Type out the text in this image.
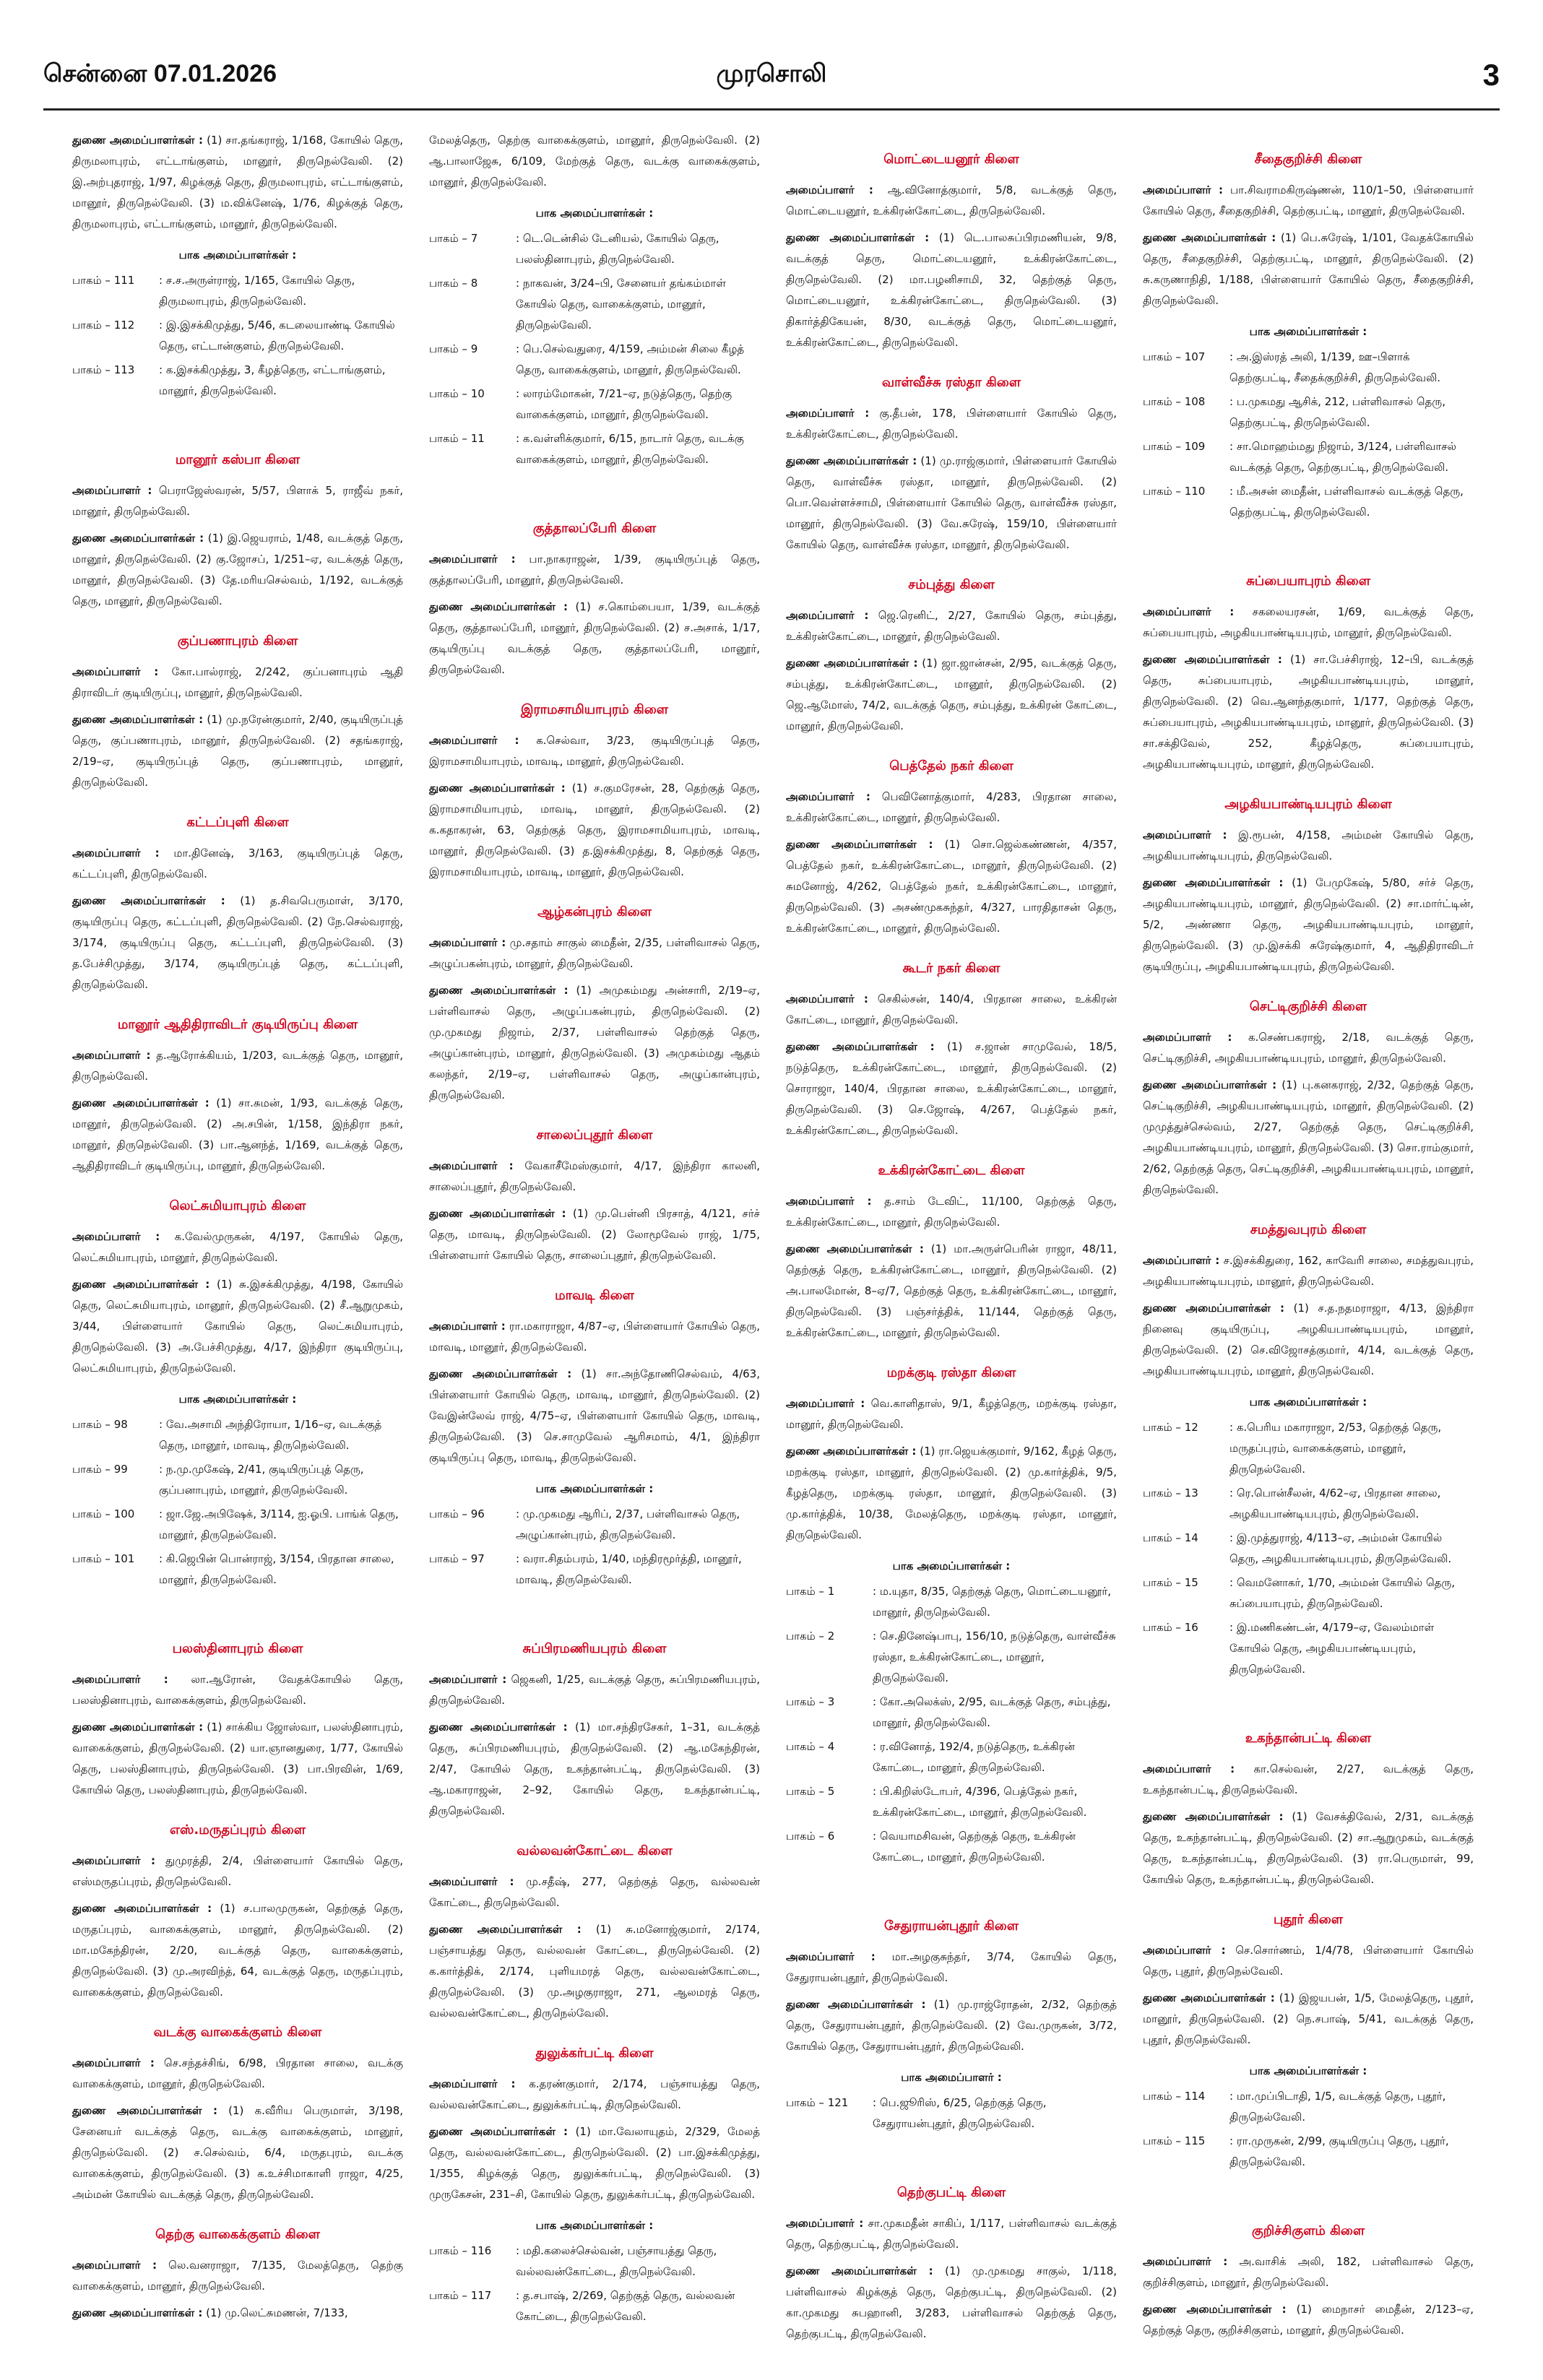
சென்னை 07.01.2026	முரசொலி	3

துணை அமைப்பாளர்கள் : (1) சா.தங்கராஜ், 1/168, கோயில் தெரு, திருமலாபுரம், எட்டாங்குளம், மானூர், திருநெல்வேலி. (2) இ.அற்புதராஜ், 1/97, கிழக்குத் தெரு, திருமலாபுரம், எட்டாங்குளம், மானூர், திருநெல்வேலி. (3) ம.விக்னேஷ், 1/76, கிழக்குத் தெரு, திருமலாபுரம், எட்டாங்குளம், மானூர், திருநெல்வேலி.

பாக அமைப்பாளர்கள் :
பாகம் – 111	: ச.ச.அருள்ராஜ், 1/165, கோயில் தெரு, திருமலாபுரம், திருநெல்வேலி.
பாகம் – 112	: இ.இசக்கிமுத்து, 5/46, கடலையாண்டி கோயில் தெரு, எட்டான்குளம், திருநெல்வேலி.
பாகம் – 113	: க.இசக்கிமுத்து, 3, கீழத்தெரு, எட்டாங்குளம், மானூர், திருநெல்வேலி.
மானூர் கஸ்பா கிளை

அமைப்பாளர் : பெராஜேஸ்வரன், 5/57, பிளாக் 5, ராஜீவ் நகர், மானூர், திருநெல்வேலி.

துணை அமைப்பாளர்கள் : (1) இ.ஜெயராம், 1/48, வடக்குத் தெரு, மானூர், திருநெல்வேலி. (2) கு.ஜோசப், 1/251–ஏ, வடக்குத் தெரு, மானூர், திருநெல்வேலி. (3) தே.மரியசெல்வம், 1/192, வடக்குத் தெரு, மானூர், திருநெல்வேலி.

குப்பணாபுரம் கிளை

அமைப்பாளர் : கோ.பால்ராஜ், 2/242, குப்பனாபுரம் ஆதி திராவிடர் குடியிருப்பு, மானூர், திருநெல்வேலி.

துணை அமைப்பாளர்கள் : (1) மு.நரேன்குமார், 2/40, குடியிருப்புத் தெரு, குப்பணாபுரம், மானூர், திருநெல்வேலி. (2) சதங்கராஜ், 2/19–ஏ, குடியிருப்புத் தெரு, குப்பணாபுரம், மானூர், திருநெல்வேலி.

கட்டப்புளி கிளை

அமைப்பாளர் : மா.தினேஷ், 3/163, குடியிருப்புத் தெரு, கட்டப்புளி, திருநெல்வேலி.

துணை அமைப்பாளர்கள் : (1) த.சிவபெருமாள், 3/170, குடியிருப்பு தெரு, கட்டப்புளி, திருநெல்வேலி. (2) நே.செல்வராஜ், 3/174, குடியிருப்பு தெரு, கட்டப்புளி, திருநெல்வேலி. (3) த.பேச்சிமுத்து, 3/174, குடியிருப்புத் தெரு, கட்டப்புளி, திருநெல்வேலி.

மானூர் ஆதிதிராவிடர் குடியிருப்பு கிளை

அமைப்பாளர் : த.ஆரோக்கியம், 1/203, வடக்குத் தெரு, மானூர், திருநெல்வேலி.

துணை அமைப்பாளர்கள் : (1) சா.சுமன், 1/93, வடக்குத் தெரு, மானூர், திருநெல்வேலி. (2) அ.சபின், 1/158, இந்திரா நகர், மானூர், திருநெல்வேலி. (3) பா.ஆனந்த், 1/169, வடக்குத் தெரு, ஆதிதிராவிடர் குடியிருப்பு, மானூர், திருநெல்வேலி.

லெட்சுமியாபுரம் கிளை

அமைப்பாளர் : க.வேல்முருகன், 4/197, கோயில் தெரு, லெட்சுமியாபுரம், மானூர், திருநெல்வேலி.

துணை அமைப்பாளர்கள் : (1) சு.இசக்கிமுத்து, 4/198, கோயில் தெரு, லெட்சுமியாபுரம், மானூர், திருநெல்வேலி. (2) சீ.ஆறுமுகம், 3/44, பிள்ளையார் கோயில் தெரு, லெட்சுமியாபுரம், திருநெல்வேலி. (3) அ.பேச்சிமுத்து, 4/17, இந்திரா குடியிருப்பு, லெட்சுமியாபுரம், திருநெல்வேலி.

பாக அமைப்பாளர்கள் :
பாகம் – 98	: வே.அசாமி அந்திரோயா, 1/16–ஏ, வடக்குத் தெரு, மானூர், மாவடி, திருநெல்வேலி.
பாகம் – 99	: ந.மு.முகேஷ், 2/41, குடியிருப்புத் தெரு, குப்பனாபுரம், மானூர், திருநெல்வேலி.
பாகம் – 100	: ஜா.ஜே.அபிஷேக், 3/114, ஐ.ஓபி. பாங்க் தெரு, மானூர், திருநெல்வேலி.
பாகம் – 101	: கி.ஜெபின் பொன்ராஜ், 3/154, பிரதான சாலை, மானூர், திருநெல்வேலி.
பலஸ்தினாபுரம் கிளை

அமைப்பாளர் : லா.ஆரோன், வேதக்கோயில் தெரு, பலஸ்தினாபுரம், வாகைக்குளம், திருநெல்வேலி.

துணை அமைப்பாளர்கள் : (1) சாக்கிய ஜோஸ்வா, பலஸ்தினாபுரம், வாகைக்குளம், திருநெல்வேலி. (2) யா.ஞானதுரை, 1/77, கோயில் தெரு, பலஸ்தினாபுரம், திருநெல்வேலி. (3) பா.பிரவின், 1/69, கோயில் தெரு, பலஸ்தினாபுரம், திருநெல்வேலி.

எஸ்.மருதப்புரம் கிளை

அமைப்பாளர் : துமுரத்தி, 2/4, பிள்ளையார் கோயில் தெரு, எஸ்மருதப்புரம், திருநெல்வேலி.

துணை அமைப்பாளர்கள் : (1) ச.பாலமுருகன், தெற்குத் தெரு, மருதப்புரம், வாகைக்குளம், மானூர், திருநெல்வேலி. (2) மா.மகேந்திரன், 2/20, வடக்குத் தெரு, வாகைக்குளம், திருநெல்வேலி. (3) மு.அரவிந்த், 64, வடக்குத் தெரு, மருதப்புரம், வாகைக்குளம், திருநெல்வேலி.

வடக்கு வாகைக்குளம் கிளை

அமைப்பாளர் : செ.சந்தச்சிங், 6/98, பிரதான சாலை, வடக்கு வாகைக்குளம், மானூர், திருநெல்வேலி.

துணை அமைப்பாளர்கள் : (1) க.வீரிய பெருமாள், 3/198, சேனையர் வடக்குத் தெரு, வடக்கு வாகைக்குளம், மானூர், திருநெல்வேலி. (2) ச.செல்வம், 6/4, மருதபுரம், வடக்கு வாகைக்குளம், திருநெல்வேலி. (3) க.உச்சிமாகாளி ராஜா, 4/25, அம்மன் கோயில் வடக்குத் தெரு, திருநெல்வேலி.

தெற்கு வாகைக்குளம் கிளை

அமைப்பாளர் : லெ.வனராஜா, 7/135, மேலத்தெரு, தெற்கு வாகைக்குளம், மானூர், திருநெல்வேலி.

துணை அமைப்பாளர்கள் : (1) மு.லெட்சுமணன், 7/133,

மேலத்தெரு, தெற்கு வாகைக்குளம், மானூர், திருநெல்வேலி. (2) ஆ.பாலாஜேசு, 6/109, மேற்குத் தெரு, வடக்கு வாகைக்குளம், மானூர், திருநெல்வேலி.

பாக அமைப்பாளர்கள் :
பாகம் – 7	: டெ.டென்சில் டேனியல், கோயில் தெரு, பலஸ்தினாபுரம், திருநெல்வேலி.
பாகம் – 8	: நாகவன், 3/24–பி, சேனையர் தங்கம்மாள் கோயில் தெரு, வாகைக்குளம், மானூர், திருநெல்வேலி.
பாகம் – 9	: பெ.செல்வதுரை, 4/159, அம்மன் சிலை கீழத் தெரு, வாகைக்குளம், மானூர், திருநெல்வேலி.
பாகம் – 10	: லாரம்மோகன், 7/21–ஏ, நடுத்தெரு, தெற்கு வாகைக்குளம், மானூர், திருநெல்வேலி.
பாகம் – 11	: க.வள்ளிக்குமார், 6/15, நாடார் தெரு, வடக்கு வாகைக்குளம், மானூர், திருநெல்வேலி.
குத்தாலப்பேரி கிளை

அமைப்பாளர் : பா.நாகராஜன், 1/39, குடியிருப்புத் தெரு, குத்தாலப்பேரி, மானூர், திருநெல்வேலி.

துணை அமைப்பாளர்கள் : (1) ச.கொம்பையா, 1/39, வடக்குத் தெரு, குத்தாலப்பேரி, மானூர், திருநெல்வேலி. (2) ச.அசாக், 1/17, குடியிருப்பு வடக்குத் தெரு, குத்தாலப்பேரி, மானூர், திருநெல்வேலி.

இராமசாமியாபுரம் கிளை

அமைப்பாளர் : க.செல்வா, 3/23, குடியிருப்புத் தெரு, இராமசாமியாபுரம், மாவடி, மானூர், திருநெல்வேலி.

துணை அமைப்பாளர்கள் : (1) ச.குமரேசன், 28, தெற்குத் தெரு, இராமசாமியாபுரம், மாவடி, மானூர், திருநெல்வேலி. (2) க.கதாகரன், 63, தெற்குத் தெரு, இராமசாமியாபுரம், மாவடி, மானூர், திருநெல்வேலி. (3) த.இசக்கிமுத்து, 8, தெற்குத் தெரு, இராமசாமியாபுரம், மாவடி, மானூர், திருநெல்வேலி.

ஆழ்கன்புரம் கிளை

அமைப்பாளர் : மு.சதாம் சாகுல் மைதீன், 2/35, பள்ளிவாசல் தெரு, அழுப்பகன்புரம், மானூர், திருநெல்வேலி.

துணை அமைப்பாளர்கள் : (1) அமுகம்மது அன்சாரி, 2/19–ஏ, பள்ளிவாசல் தெரு, அழுப்பகன்புரம், திருநெல்வேலி. (2) மு.முகமது நிஜாம், 2/37, பள்ளிவாசல் தெற்குத் தெரு, அழுப்கான்புரம், மானூர், திருநெல்வேலி. (3) அமுகம்மது ஆதம் கலந்தர், 2/19–ஏ, பள்ளிவாசல் தெரு, அழுப்கான்புரம், திருநெல்வேலி.

சாலைப்புதூர் கிளை

அமைப்பாளர் : வேகாசீமேஸ்குமார், 4/17, இந்திரா காலனி, சாலைப்புதூர், திருநெல்வேலி.

துணை அமைப்பாளர்கள் : (1) மு.பெள்னி பிரசாத், 4/121, சர்ச் தெரு, மாவடி, திருநெல்வேலி. (2) லோமூவேல் ராஜ், 1/75, பிள்ளையார் கோயில் தெரு, சாலைப்புதூர், திருநெல்வேலி.

மாவடி கிளை

அமைப்பாளர் : ரா.மகாராஜா, 4/87–ஏ, பிள்ளையார் கோயில் தெரு, மாவடி, மானூர், திருநெல்வேலி.

துணை அமைப்பாளர்கள் : (1) சா.அந்தோணிசெல்வம், 4/63, பிள்ளையார் கோயில் தெரு, மாவடி, மானூர், திருநெல்வேலி. (2) வேஇன்லேவ் ராஜ், 4/75–ஏ, பிள்ளையார் கோயில் தெரு, மாவடி, திருநெல்வேலி. (3) செ.சாமுவேல் ஆரிசமாம், 4/1, இந்திரா குடியிருப்பு தெரு, மாவடி, திருநெல்வேலி.

பாக அமைப்பாளர்கள் :
பாகம் – 96	: மு.முகமது ஆரிப், 2/37, பள்ளிவாசல் தெரு, அழுப்கான்புரம், திருநெல்வேலி.
பாகம் – 97	: வரா.சிதம்பரம், 1/40, மந்திரமூர்த்தி, மானூர், மாவடி, திருநெல்வேலி.
சுப்பிரமணியபுரம் கிளை

அமைப்பாளர் : ஜெகனி, 1/25, வடக்குத் தெரு, சுப்பிரமணியபுரம், திருநெல்வேலி.

துணை அமைப்பாளர்கள் : (1) மா.சந்திரசேகர், 1–31, வடக்குத் தெரு, சுப்பிரமணியபுரம், திருநெல்வேலி. (2) ஆ.மகேந்திரன், 2/47, கோயில் தெரு, உகந்தான்பட்டி, திருநெல்வேலி. (3) ஆ.மகாராஜன், 2–92, கோயில் தெரு, உகந்தான்பட்டி, திருநெல்வேலி.

வல்லவன்கோட்டை கிளை

அமைப்பாளர் : மு.சதீஷ், 277, தெற்குத் தெரு, வல்லவன் கோட்டை, திருநெல்வேலி.

துணை அமைப்பாளர்கள் : (1) சு.மனோஜ்குமார், 2/174, பஞ்சாயத்து தெரு, வல்லவன் கோட்டை, திருநெல்வேலி. (2) க.கார்த்திக், 2/174, புளியமரத் தெரு, வல்லவன்கோட்டை, திருநெல்வேலி. (3) மு.அழகுராஜா, 271, ஆலமரத் தெரு, வல்லவன்கோட்டை, திருநெல்வேலி.

துலுக்கர்பட்டி கிளை

அமைப்பாளர் : க.தரண்குமார், 2/174, பஞ்சாயத்து தெரு, வல்லவன்கோட்டை, துலுக்கர்பட்டி, திருநெல்வேலி.

துணை அமைப்பாளர்கள் : (1) மா.வேலாயுதம், 2/329, மேலத் தெரு, வல்லவன்கோட்டை, திருநெல்வேலி. (2) பா.இசக்கிமுத்து, 1/355, கிழக்குத் தெரு, துலுக்கர்பட்டி, திருநெல்வேலி. (3) முருகேசன், 231–சி, கோயில் தெரு, துலுக்கர்பட்டி, திருநெல்வேலி.

பாக அமைப்பாளர்கள் :
பாகம் – 116	: மதி.கலைச்செல்வன், பஞ்சாயத்து தெரு, வல்லவன்கோட்டை, திருநெல்வேலி.
பாகம் – 117	: த.சபாஷ், 2/269, தெற்குத் தெரு, வல்லவன் கோட்டை, திருநெல்வேலி.
மொட்டையனூர் கிளை

அமைப்பாளர் : ஆ.வினோத்குமார், 5/8, வடக்குத் தெரு, மொட்டையனூர், உக்கிரன்கோட்டை, திருநெல்வேலி.

துணை அமைப்பாளர்கள் : (1) டெ.பாலசுப்பிரமணியன், 9/8, வடக்குத் தெரு, மொட்டையனூர், உக்கிரன்கோட்டை, திருநெல்வேலி. (2) மா.பழனிசாமி, 32, தெற்குத் தெரு, மொட்டையனூர், உக்கிரன்கோட்டை, திருநெல்வேலி. (3) திகார்த்திகேயன், 8/30, வடக்குத் தெரு, மொட்டையனூர், உக்கிரன்கோட்டை, திருநெல்வேலி.

வாள்வீச்சு ரஸ்தா கிளை

அமைப்பாளர் : கு.தீபன், 178, பிள்ளையார் கோயில் தெரு, உக்கிரன்கோட்டை, திருநெல்வேலி.

துணை அமைப்பாளர்கள் : (1) மு.ராஜ்குமார், பிள்ளையார் கோயில் தெரு, வாள்வீச்சு ரஸ்தா, மானூர், திருநெல்வேலி. (2) பொ.வெள்ளச்சாமி, பிள்ளையார் கோயில் தெரு, வாள்வீச்சு ரஸ்தா, மானூர், திருநெல்வேலி. (3) வே.சுரேஷ், 159/10, பிள்ளையார் கோயில் தெரு, வாள்வீச்சு ரஸ்தா, மானூர், திருநெல்வேலி.

சம்புத்து கிளை

அமைப்பாளர் : ஜெ.ரெனிட், 2/27, கோயில் தெரு, சம்புத்து, உக்கிரன்கோட்டை, மானூர், திருநெல்வேலி.

துணை அமைப்பாளர்கள் : (1) ஜா.ஜான்சன், 2/95, வடக்குத் தெரு, சம்புத்து, உக்கிரன்கோட்டை, மானூர், திருநெல்வேலி. (2) ஜெ.ஆமோஸ், 74/2, வடக்குத் தெரு, சம்புத்து, உக்கிரன் கோட்டை, மானூர், திருநெல்வேலி.

பெத்தேல் நகர் கிளை

அமைப்பாளர் : பெவினோத்குமார், 4/283, பிரதான சாலை, உக்கிரன்கோட்டை, மானூர், திருநெல்வேலி.

துணை அமைப்பாளர்கள் : (1) சொ.ஜெல்கண்ணன், 4/357, பெத்தேல் நகர், உக்கிரன்கோட்டை, மானூர், திருநெல்வேலி. (2) சுமனோஜ், 4/262, பெத்தேல் நகர், உக்கிரன்கோட்டை, மானூர், திருநெல்வேலி. (3) அசண்முகசுந்தர், 4/327, பாரதிதாசன் தெரு, உக்கிரன்கோட்டை, மானூர், திருநெல்வேலி.

கூடர் நகர் கிளை

அமைப்பாளர் : செகில்சன், 140/4, பிரதான சாலை, உக்கிரன் கோட்டை, மானூர், திருநெல்வேலி.

துணை அமைப்பாளர்கள் : (1) ச.ஜான் சாமுவேல், 18/5, நடுத்தெரு, உக்கிரன்கோட்டை, மானூர், திருநெல்வேலி. (2) சொராஜா, 140/4, பிரதான சாலை, உக்கிரன்கோட்டை, மானூர், திருநெல்வேலி. (3) செ.ஜோஷ், 4/267, பெத்தேல் நகர், உக்கிரன்கோட்டை, திருநெல்வேலி.

உக்கிரன்கோட்டை கிளை

அமைப்பாளர் : த.சாம் டேவிட், 11/100, தெற்குத் தெரு, உக்கிரன்கோட்டை, மானூர், திருநெல்வேலி.

துணை அமைப்பாளர்கள் : (1) மா.அருள்பெரின் ராஜா, 48/11, தெற்குத் தெரு, உக்கிரன்கோட்டை, மானூர், திருநெல்வேலி. (2) அ.பாலமோன், 8–ஏ/7, தெற்குத் தெரு, உக்கிரன்கோட்டை, மானூர், திருநெல்வேலி. (3) பஞ்சர்த்திக், 11/144, தெற்குத் தெரு, உக்கிரன்கோட்டை, மானூர், திருநெல்வேலி.

மறக்குடி ரஸ்தா கிளை

அமைப்பாளர் : வெ.காளிதாஸ், 9/1, கீழத்தெரு, மறக்குடி ரஸ்தா, மானூர், திருநெல்வேலி.

துணை அமைப்பாளர்கள் : (1) ரா.ஜெயக்குமார், 9/162, கீழத் தெரு, மறக்குடி ரஸ்தா, மானூர், திருநெல்வேலி. (2) மு.கார்த்திக், 9/5, கீழத்தெரு, மறக்குடி ரஸ்தா, மானூர், திருநெல்வேலி. (3) மு.கார்த்திக், 10/38, மேலத்தெரு, மறக்குடி ரஸ்தா, மானூர், திருநெல்வேலி.

பாக அமைப்பாளர்கள் :
பாகம் – 1	: ம.யுதா, 8/35, தெற்குத் தெரு, மொட்டையனூர், மானூர், திருநெல்வேலி.
பாகம் – 2	: செ.தினேஷ்பாபு, 156/10, நடுத்தெரு, வாள்வீச்சு ரஸ்தா, உக்கிரன்கோட்டை, மானூர், திருநெல்வேலி.
பாகம் – 3	: கோ.அலெக்ஸ், 2/95, வடக்குத் தெரு, சம்புத்து, மானூர், திருநெல்வேலி.
பாகம் – 4	: ர.வினோத், 192/4, நடுத்தெரு, உக்கிரன் கோட்டை, மானூர், திருநெல்வேலி.
பாகம் – 5	: பி.கிறிஸ்டோபர், 4/396, பெத்தேல் நகர், உக்கிரன்கோட்டை, மானூர், திருநெல்வேலி.
பாகம் – 6	: வெயாமசிவன், தெற்குத் தெரு, உக்கிரன் கோட்டை, மானூர், திருநெல்வேலி.
சேதுராயன்புதூர் கிளை

அமைப்பாளர் : மா.அழகுசுந்தர், 3/74, கோயில் தெரு, சேதுராயன்புதூர், திருநெல்வேலி.

துணை அமைப்பாளர்கள் : (1) மு.ராஜ்ரோதன், 2/32, தெற்குத் தெரு, சேதுராயன்புதூர், திருநெல்வேலி. (2) வே.முருகன், 3/72, கோயில் தெரு, சேதுராயன்புதூர், திருநெல்வேலி.

பாக அமைப்பாளர் :
பாகம் – 121	: பெ.ஜூரிஸ், 6/25, தெற்குத் தெரு, சேதுராயன்புதூர், திருநெல்வேலி.
தெற்குபட்டி கிளை

அமைப்பாளர் : சா.முகமதீன் சாகிப், 1/117, பள்ளிவாசல் வடக்குத் தெரு, தெற்குபட்டி, திருநெல்வேலி.

துணை அமைப்பாளர்கள் : (1) மு.முகமது சாகுல், 1/118, பள்ளிவாசல் கிழக்குத் தெரு, தெற்குபட்டி, திருநெல்வேலி. (2) கா.முகமது சுபஹானி, 3/283, பள்ளிவாசல் தெற்குத் தெரு, தெற்குபட்டி, திருநெல்வேலி.

சீதைகுறிச்சி கிளை

அமைப்பாளர் : பா.சிவராமகிருஷ்ணன், 110/1–50, பிள்ளையார் கோயில் தெரு, சீதைகுறிச்சி, தெற்குபட்டி, மானூர், திருநெல்வேலி.

துணை அமைப்பாளர்கள் : (1) பெ.சுரேஷ், 1/101, வேதக்கோயில் தெரு, சீதைகுறிச்சி, தெற்குபட்டி, மானூர், திருநெல்வேலி. (2) சு.கருணாநிதி, 1/188, பிள்ளையார் கோயில் தெரு, சீதைகுறிச்சி, திருநெல்வேலி.

பாக அமைப்பாளர்கள் :
பாகம் – 107	: அ.இஸ்ரத் அலி, 1/139, ஊ–பிளாக் தெற்குபட்டி, சீதைக்குறிச்சி, திருநெல்வேலி.
பாகம் – 108	: ப.முகமது ஆசிக், 212, பள்ளிவாசல் தெரு, தெற்குபட்டி, திருநெல்வேலி.
பாகம் – 109	: சா.மொஹம்மது நிஜாம், 3/124, பள்ளிவாசல் வடக்குத் தெரு, தெற்குபட்டி, திருநெல்வேலி.
பாகம் – 110	: மீ.அசன் மைதீன், பள்ளிவாசல் வடக்குத் தெரு, தெற்குபட்டி, திருநெல்வேலி.
சுப்பையாபுரம் கிளை

அமைப்பாளர் : சகலையரசன், 1/69, வடக்குத் தெரு, சுப்பையாபுரம், அழகியபாண்டியபுரம், மானூர், திருநெல்வேலி.

துணை அமைப்பாளர்கள் : (1) சா.பேச்சிராஜ், 12–பி, வடக்குத் தெரு, சுப்பையாபுரம், அழகியபாண்டியபுரம், மானூர், திருநெல்வேலி. (2) வெ.ஆனந்தகுமார், 1/177, தெற்குத் தெரு, சுப்பையாபுரம், அழகியபாண்டியபுரம், மானூர், திருநெல்வேலி. (3) சா.சக்திவேல், 252, கீழத்தெரு, சுப்பையாபுரம், அழகியபாண்டியபுரம், மானூர், திருநெல்வேலி.

அழகியபாண்டியபுரம் கிளை

அமைப்பாளர் : இ.ரூபன், 4/158, அம்மன் கோயில் தெரு, அழகியபாண்டியபுரம், திருநெல்வேலி.

துணை அமைப்பாளர்கள் : (1) பேமுகேஷ், 5/80, சர்ச் தெரு, அழகியபாண்டியபுரம், மானூர், திருநெல்வேலி. (2) சா.மார்ட்டின், 5/2, அண்ணா தெரு, அழகியபாண்டியபுரம், மானூர், திருநெல்வேலி. (3) மு.இசக்கி சுரேஷ்குமார், 4, ஆதிதிராவிடர் குடியிருப்பு, அழகியபாண்டியபுரம், திருநெல்வேலி.

செட்டிகுறிச்சி கிளை

அமைப்பாளர் : க.செண்பகராஜ், 2/18, வடக்குத் தெரு, செட்டிகுறிச்சி, அழகியபாண்டியபுரம், மானூர், திருநெல்வேலி.

துணை அமைப்பாளர்கள் : (1) பு.கனகராஜ், 2/32, தெற்குத் தெரு, செட்டிகுறிச்சி, அழகியபாண்டியபுரம், மானூர், திருநெல்வேலி. (2) முமுத்துச்செல்வம், 2/27, தெற்குத் தெரு, செட்டிகுறிச்சி, அழகியபாண்டியபுரம், மானூர், திருநெல்வேலி. (3) சொ.ராம்குமார், 2/62, தெற்குத் தெரு, செட்டிகுறிச்சி, அழகியபாண்டியபுரம், மானூர், திருநெல்வேலி.

சமத்துவபுரம் கிளை

அமைப்பாளர் : ச.இசக்கிதுரை, 162, காவேரி சாலை, சமத்துவபுரம், அழகியபாண்டியபுரம், மானூர், திருநெல்வேலி.

துணை அமைப்பாளர்கள் : (1) ச.த.நதமராஜா, 4/13, இந்திரா நினைவு குடியிருப்பு, அழகியபாண்டியபுரம், மானூர், திருநெல்வேலி. (2) செ.விஜோசத்குமார், 4/14, வடக்குத் தெரு, அழகியபாண்டியபுரம், மானூர், திருநெல்வேலி.

பாக அமைப்பாளர்கள் :
பாகம் – 12	: க.பெரிய மகாராஜா, 2/53, தெற்குத் தெரு, மருதப்புரம், வாகைக்குளம், மானூர், திருநெல்வேலி.
பாகம் – 13	: ரெ.பொன்சீலன், 4/62–ஏ, பிரதான சாலை, அழகியபாண்டியபுரம், திருநெல்வேலி.
பாகம் – 14	: இ.முத்துராஜ், 4/113–ஏ, அம்மன் கோயில் தெரு, அழகியபாண்டியபுரம், திருநெல்வேலி.
பாகம் – 15	: வெமனோகர், 1/70, அம்மன் கோயில் தெரு, சுப்பையாபுரம், திருநெல்வேலி.
பாகம் – 16	: இ.மணிகண்டன், 4/179–ஏ, வேலம்மாள் கோயில் தெரு, அழகியபாண்டியபுரம், திருநெல்வேலி.
உகந்தான்பட்டி கிளை

அமைப்பாளர் : கா.செல்வன், 2/27, வடக்குத் தெரு, உகந்தான்பட்டி, திருநெல்வேலி.

துணை அமைப்பாளர்கள் : (1) வேசக்திவேல், 2/31, வடக்குத் தெரு, உகந்தான்பட்டி, திருநெல்வேலி. (2) சா.ஆறுமுகம், வடக்குத் தெரு, உகந்தான்பட்டி, திருநெல்வேலி. (3) ரா.பெருமாள், 99, கோயில் தெரு, உகந்தான்பட்டி, திருநெல்வேலி.

புதூர் கிளை

அமைப்பாளர் : செ.சொர்ணம், 1/4/78, பிள்ளையார் கோயில் தெரு, புதூர், திருநெல்வேலி.

துணை அமைப்பாளர்கள் : (1) இஜயபன், 1/5, மேலத்தெரு, புதூர், மானூர், திருநெல்வேலி. (2) நெ.சபாஷ், 5/41, வடக்குத் தெரு, புதூர், திருநெல்வேலி.

பாக அமைப்பாளர்கள் :
பாகம் – 114	: மா.முப்பிடாதி, 1/5, வடக்குத் தெரு, புதூர், திருநெல்வேலி.
பாகம் – 115	: ரா.முருகன், 2/99, குடியிருப்பு தெரு, புதூர், திருநெல்வேலி.
குறிச்சிகுளம் கிளை

அமைப்பாளர் : அ.வாசிக் அலி, 182, பள்ளிவாசல் தெரு, குறிச்சிகுளம், மானூர், திருநெல்வேலி.

துணை அமைப்பாளர்கள் : (1) மைநாசர் மைதீன், 2/123–ஏ, தெற்குத் தெரு, குறிச்சிகுளம், மானூர், திருநெல்வேலி.
